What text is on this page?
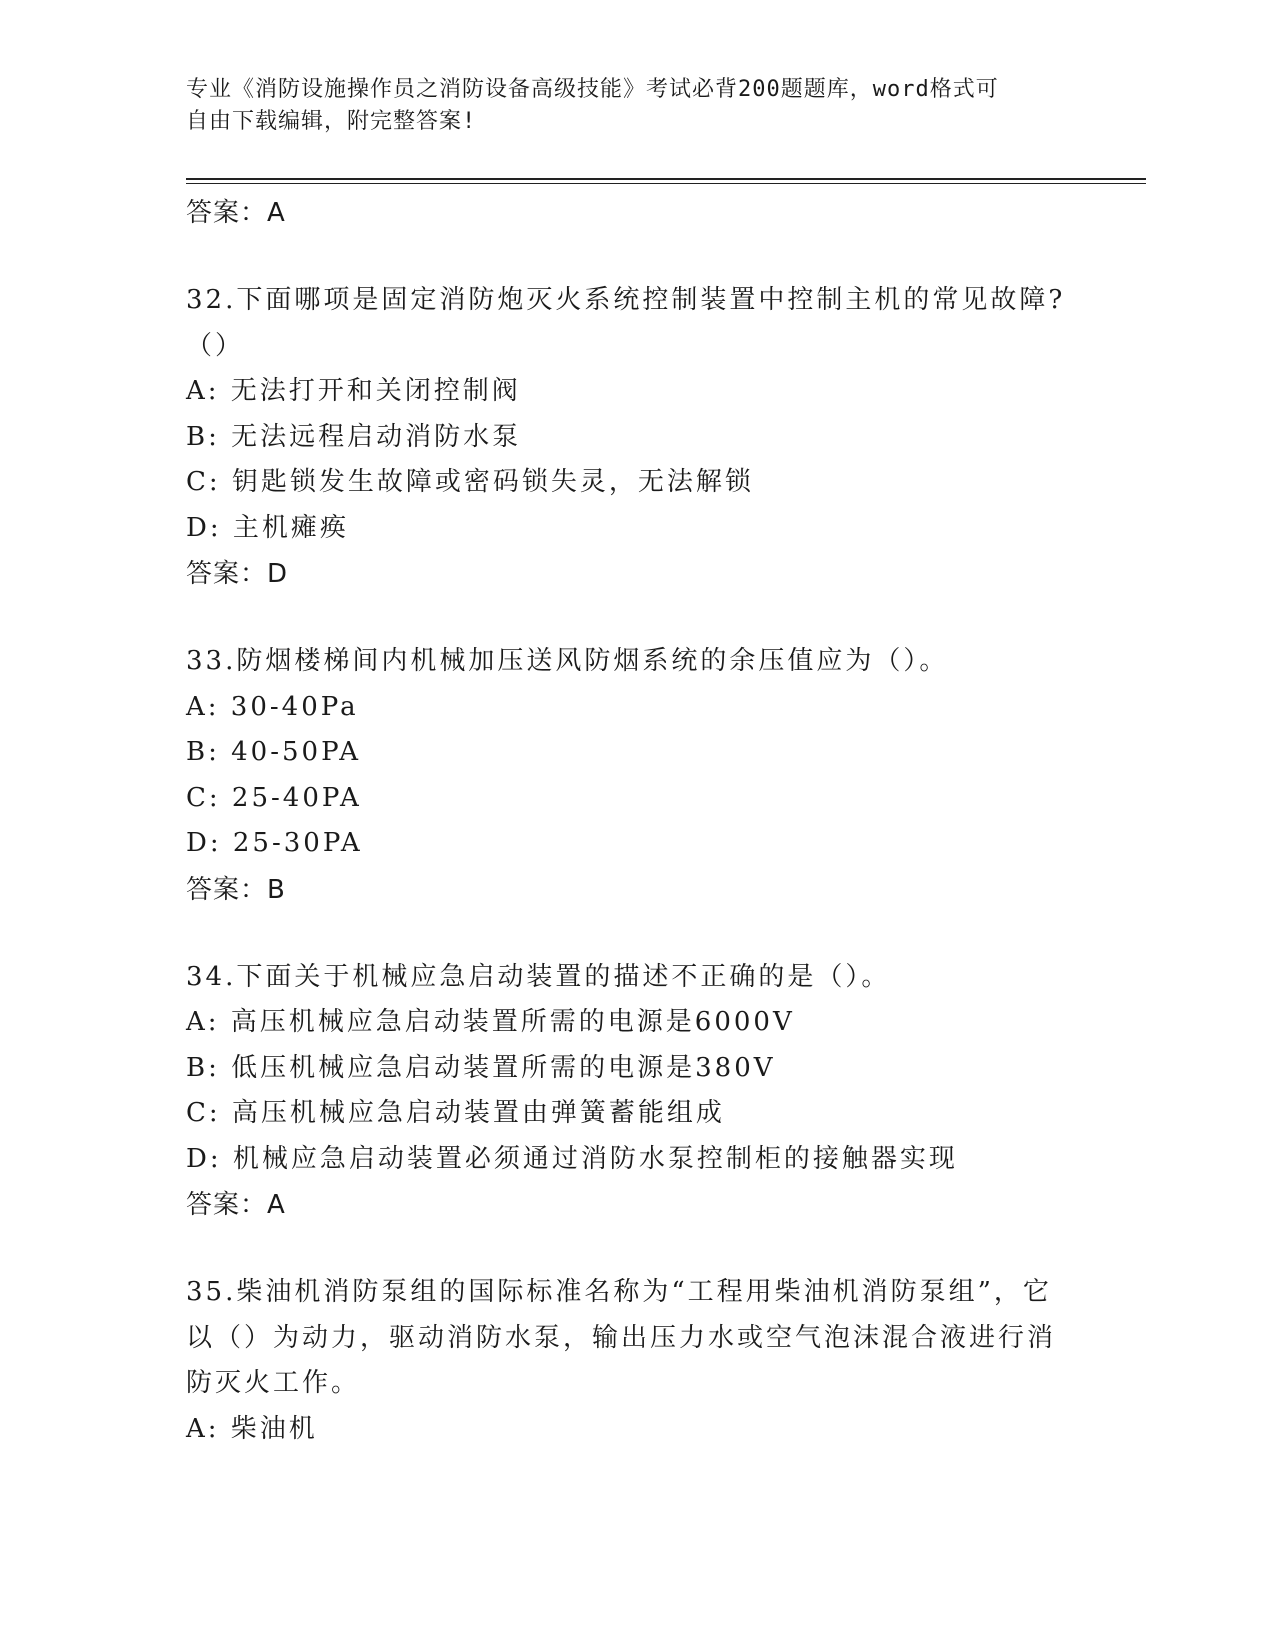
专业《消防设施操作员之消防设备高级技能》考试必背200题题库，word格式可
自由下载编辑，附完整答案!
答案：A
32.下面哪项是固定消防炮灭火系统控制装置中控制主机的常见故障?
（）
A: 无法打开和关闭控制阀
B: 无法远程启动消防水泵
C: 钥匙锁发生故障或密码锁失灵，无法解锁
D: 主机瘫痪
答案：D
33.防烟楼梯间内机械加压送风防烟系统的余压值应为（）。
A: 30-40Pa
B: 40-50PA
C: 25-40PA
D: 25-30PA
答案：B
34.下面关于机械应急启动装置的描述不正确的是（）。
A: 高压机械应急启动装置所需的电源是6000V
B: 低压机械应急启动装置所需的电源是380V
C: 高压机械应急启动装置由弹簧蓄能组成
D: 机械应急启动装置必须通过消防水泵控制柜的接触器实现
答案：A
35.柴油机消防泵组的国际标准名称为“工程用柴油机消防泵组”，它
以（）为动力，驱动消防水泵，输出压力水或空气泡沫混合液进行消
防灭火工作。
A: 柴油机
